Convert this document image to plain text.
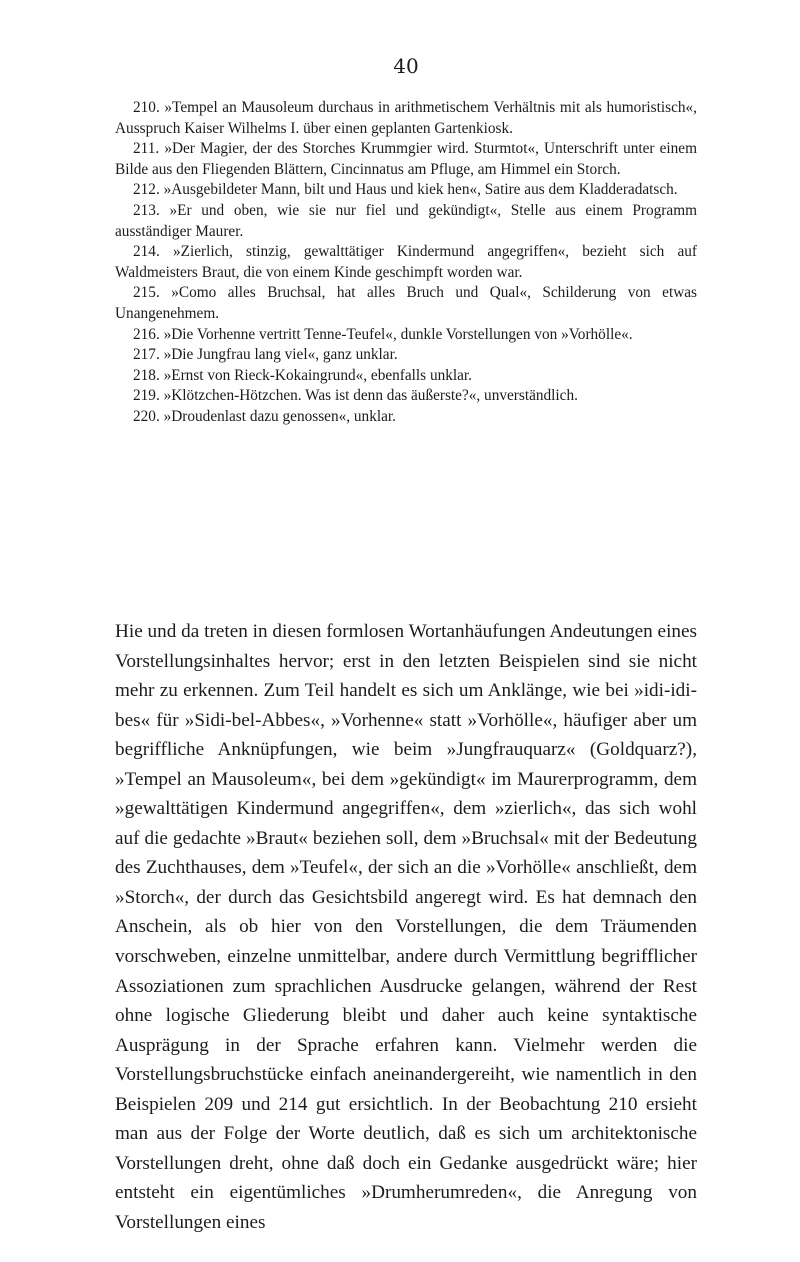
40

210. »Tempel an Mausoleum durchaus in arithmetischem Verhältnis mit als humoristisch«, Ausspruch Kaiser Wilhelms I. über einen geplanten Gartenkiosk.

211. »Der Magier, der des Storches Krummgier wird. Sturmtot«, Unterschrift unter einem Bilde aus den Fliegenden Blättern, Cincinnatus am Pfluge, am Himmel ein Storch.

212. »Ausgebildeter Mann, bilt und Haus und kiek hen«, Satire aus dem Kladderadatsch.

213. »Er und oben, wie sie nur fiel und gekündigt«, Stelle aus einem Programm ausständiger Maurer.

214. »Zierlich, stinzig, gewalttätiger Kindermund angegriffen«, bezieht sich auf Waldmeisters Braut, die von einem Kinde geschimpft worden war.

215. »Como alles Bruchsal, hat alles Bruch und Qual«, Schilderung von etwas Unangenehmem.

216. »Die Vorhenne vertritt Tenne-Teufel«, dunkle Vorstellungen von »Vorhölle«.

217. »Die Jungfrau lang viel«, ganz unklar.

218. »Ernst von Rieck-Kokaingrund«, ebenfalls unklar.

219. »Klötzchen-Hötzchen. Was ist denn das äußerste?«, unverständlich.

220. »Droudenlast dazu genossen«, unklar.

Hie und da treten in diesen formlosen Wortanhäufungen Andeutungen eines Vorstellungsinhaltes hervor; erst in den letzten Beispielen sind sie nicht mehr zu erkennen. Zum Teil handelt es sich um Anklänge, wie bei »idi-idi-bes« für »Sidi-bel-Abbes«, »Vorhenne« statt »Vorhölle«, häufiger aber um begriffliche Anknüpfungen, wie beim »Jungfrauquarz« (Goldquarz?), »Tempel an Mausoleum«, bei dem »gekündigt« im Maurerprogramm, dem »gewalttätigen Kindermund angegriffen«, dem »zierlich«, das sich wohl auf die gedachte »Braut« beziehen soll, dem »Bruchsal« mit der Bedeutung des Zuchthauses, dem »Teufel«, der sich an die »Vorhölle« anschließt, dem »Storch«, der durch das Gesichtsbild angeregt wird. Es hat demnach den Anschein, als ob hier von den Vorstellungen, die dem Träumenden vorschweben, einzelne unmittelbar, andere durch Vermittlung begrifflicher Assoziationen zum sprachlichen Ausdrucke gelangen, während der Rest ohne logische Gliederung bleibt und daher auch keine syntaktische Ausprägung in der Sprache erfahren kann. Vielmehr werden die Vorstellungsbruchstücke einfach aneinandergereiht, wie namentlich in den Beispielen 209 und 214 gut ersichtlich. In der Beobachtung 210 ersieht man aus der Folge der Worte deutlich, daß es sich um architektonische Vorstellungen dreht, ohne daß doch ein Gedanke ausgedrückt wäre; hier entsteht ein eigentümliches »Drumherumreden«, die Anregung von Vorstellungen eines
